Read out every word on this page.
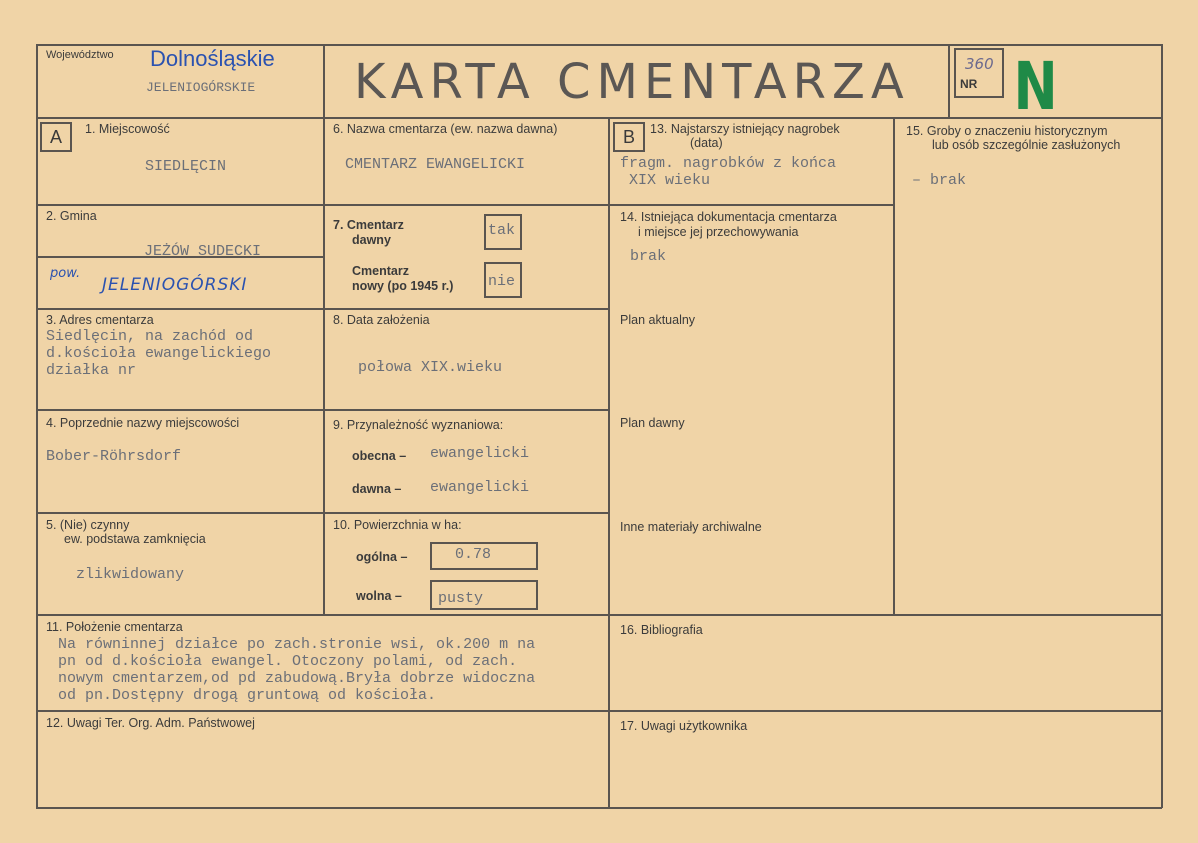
Województwo Dolnośląskie
JELENIOGÓRSKIE KARTA CMENTARZA	NR
360 N
A	1. Miejscowość
SIEDLĘCIN
2. Gmina
JEŻÓW SUDECKI
pow.
JELENIOGÓRSKI
3. Adres cmentarza
Siedlęcin, na zachód od
d.kościoła ewangelickiego
działka nr
4. Poprzednie nazwy miejscowości
Bober-Röhrsdorf
5. (Nie) czynny
ew. podstawa zamknięcia
zlikwidowany
6. Nazwa cmentarza (ew. nazwa dawna)
CMENTARZ EWANGELICKI
7. Cmentarz
dawny
tak
Cmentarz
nowy (po 1945 r.) nie
8. Data założenia
połowa XIX.wieku
9. Przynależność wyznaniowa:
obecna – ewangelicki
dawna – ewangelicki
10. Powierzchnia w ha:
ogólna –	0.78
wolna – pusty
B	13. Najstarszy istniejący nagrobek
(data)
fragm. nagrobków z końca
XIX wieku
14. Istniejąca dokumentacja cmentarza
i miejsce jej przechowywania
brak
Plan aktualny
Plan dawny
Inne materiały archiwalne
15. Groby o znaczeniu historycznym
lub osób szczególnie zasłużonych
– brak
11. Położenie cmentarza
Na równinnej działce po zach.stronie wsi, ok.200 m na
pn od d.kościoła ewangel. Otoczony polami, od zach.
nowym cmentarzem,od pd zabudową.Bryła dobrze widoczna
od pn.Dostępny drogą gruntową od kościoła.
16. Bibliografia
12. Uwagi Ter. Org. Adm. Państwowej	17. Uwagi użytkownika
